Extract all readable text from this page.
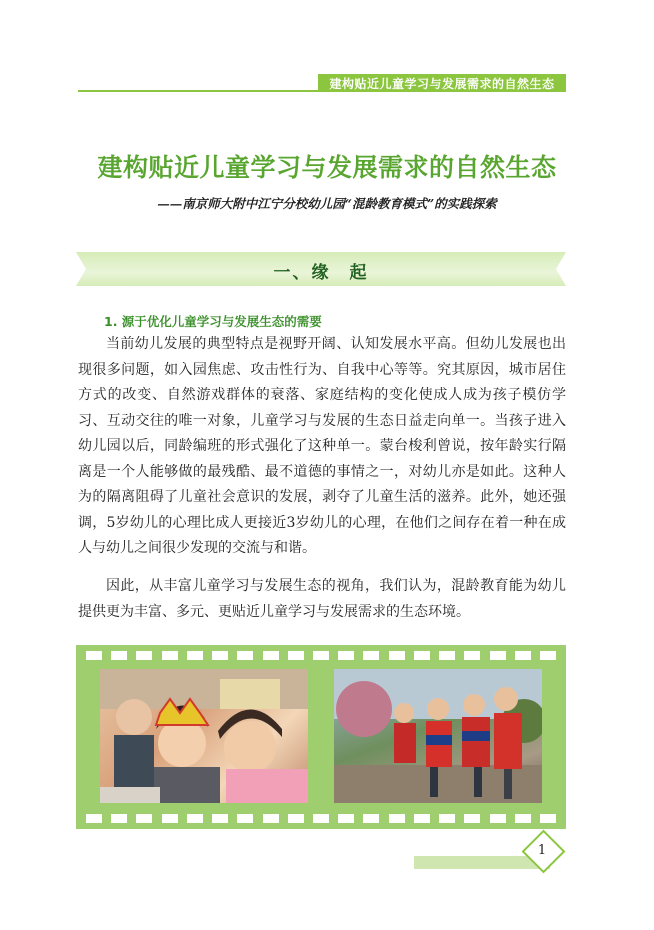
建构贴近儿童学习与发展需求的自然生态
建构贴近儿童学习与发展需求的自然生态
——南京师大附中江宁分校幼儿园“混龄教育模式”的实践探索
一、缘　起
1. 源于优化儿童学习与发展生态的需要

当前幼儿发展的典型特点是视野开阔、认知发展水平高。但幼儿发展也出现很多问题，如入园焦虑、攻击性行为、自我中心等等。究其原因，城市居住方式的改变、自然游戏群体的衰落、家庭结构的变化使成人成为孩子模仿学习、互动交往的唯一对象，儿童学习与发展的生态日益走向单一。当孩子进入幼儿园以后，同龄编班的形式强化了这种单一。蒙台梭利曾说，按年龄实行隔离是一个人能够做的最残酷、最不道德的事情之一，对幼儿亦是如此。这种人为的隔离阻碍了儿童社会意识的发展，剥夺了儿童生活的滋养。此外，她还强调，5岁幼儿的心理比成人更接近3岁幼儿的心理，在他们之间存在着一种在成人与幼儿之间很少发现的交流与和谐。

因此，从丰富儿童学习与发展生态的视角，我们认为，混龄教育能为幼儿提供更为丰富、多元、更贴近儿童学习与发展需求的生态环境。

1
